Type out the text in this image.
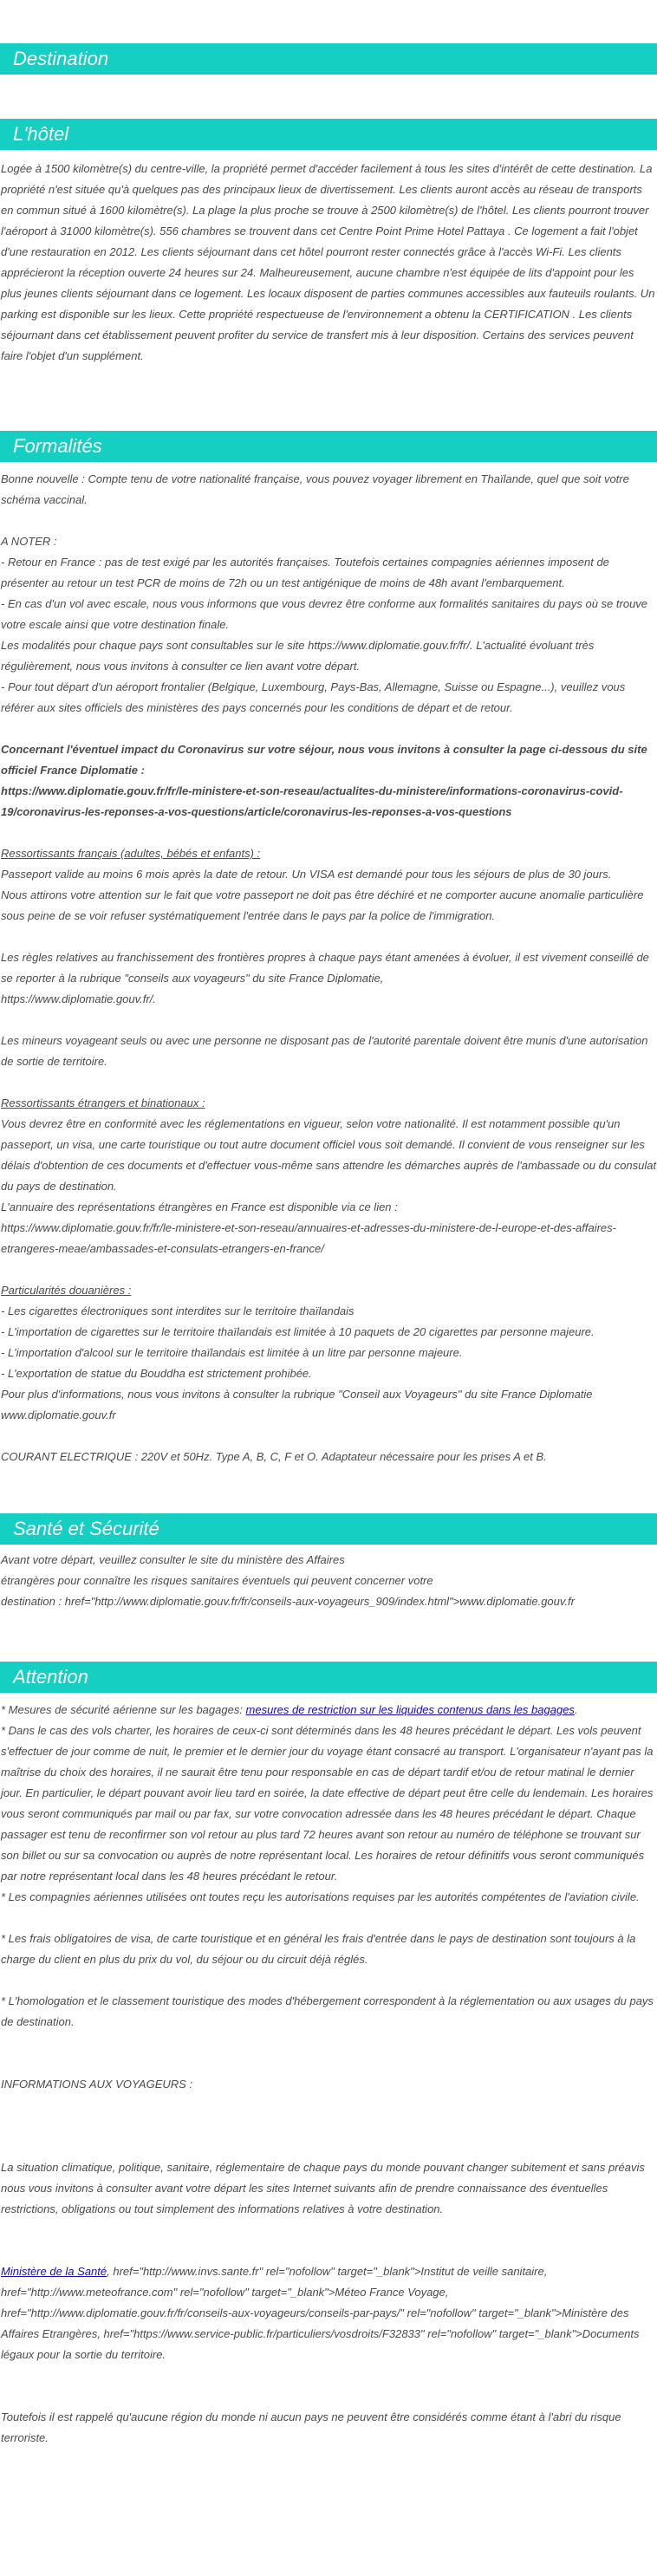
Destination
L'hôtel
Logée à 1500 kilomètre(s) du centre-ville, la propriété permet d'accéder facilement à tous les sites d'intérêt de cette destination. La propriété n'est située qu'à quelques pas des principaux lieux de divertissement. Les clients auront accès au réseau de transports en commun situé à 1600 kilomètre(s). La plage la plus proche se trouve à 2500 kilomètre(s) de l'hôtel. Les clients pourront trouver l'aéroport à 31000 kilomètre(s). 556 chambres se trouvent dans cet Centre Point Prime Hotel Pattaya . Ce logement a fait l'objet d'une restauration en 2012. Les clients séjournant dans cet hôtel pourront rester connectés grâce à l'accès Wi-Fi. Les clients apprécieront la réception ouverte 24 heures sur 24. Malheureusement, aucune chambre n'est équipée de lits d'appoint pour les plus jeunes clients séjournant dans ce logement. Les locaux disposent de parties communes accessibles aux fauteuils roulants. Un parking est disponible sur les lieux. Cette propriété respectueuse de l'environnement a obtenu la CERTIFICATION . Les clients séjournant dans cet établissement peuvent profiter du service de transfert mis à leur disposition. Certains des services peuvent faire l'objet d'un supplément.
Formalités
Bonne nouvelle : Compte tenu de votre nationalité française, vous pouvez voyager librement en Thaïlande, quel que soit votre schéma vaccinal.
A NOTER :
- Retour en France : pas de test exigé par les autorités françaises. Toutefois certaines compagnies aériennes imposent de présenter au retour un test PCR de moins de 72h ou un test antigénique de moins de 48h avant l'embarquement.
- En cas d'un vol avec escale, nous vous informons que vous devrez être conforme aux formalités sanitaires du pays où se trouve votre escale ainsi que votre destination finale.
Les modalités pour chaque pays sont consultables sur le site https://www.diplomatie.gouv.fr/fr/. L'actualité évoluant très régulièrement, nous vous invitons à consulter ce lien avant votre départ.
- Pour tout départ d'un aéroport frontalier (Belgique, Luxembourg, Pays-Bas, Allemagne, Suisse ou Espagne...), veuillez vous référer aux sites officiels des ministères des pays concernés pour les conditions de départ et de retour.
Concernant l'éventuel impact du Coronavirus sur votre séjour, nous vous invitons à consulter la page ci-dessous du site officiel France Diplomatie :
https://www.diplomatie.gouv.fr/fr/le-ministere-et-son-reseau/actualites-du-ministere/informations-coronavirus-covid-19/coronavirus-les-reponses-a-vos-questions/article/coronavirus-les-reponses-a-vos-questions
Ressortissants français (adultes, bébés et enfants) :
Passeport valide au moins 6 mois après la date de retour. Un VISA est demandé pour tous les séjours de plus de 30 jours.
Nous attirons votre attention sur le fait que votre passeport ne doit pas être déchiré et ne comporter aucune anomalie particulière sous peine de se voir refuser systématiquement l'entrée dans le pays par la police de l'immigration.
Les règles relatives au franchissement des frontières propres à chaque pays étant amenées à évoluer, il est vivement conseillé de se reporter à la rubrique "conseils aux voyageurs" du site France Diplomatie,
https://www.diplomatie.gouv.fr/.
Les mineurs voyageant seuls ou avec une personne ne disposant pas de l'autorité parentale doivent être munis d'une autorisation de sortie de territoire.
Ressortissants étrangers et binationaux :
Vous devrez être en conformité avec les réglementations en vigueur, selon votre nationalité. Il est notamment possible qu'un passeport, un visa, une carte touristique ou tout autre document officiel vous soit demandé. Il convient de vous renseigner sur les délais d'obtention de ces documents et d'effectuer vous-même sans attendre les démarches auprès de l'ambassade ou du consulat du pays de destination.
L'annuaire des représentations étrangères en France est disponible via ce lien :
https://www.diplomatie.gouv.fr/fr/le-ministere-et-son-reseau/annuaires-et-adresses-du-ministere-de-l-europe-et-des-affaires-etrangeres-meae/ambassades-et-consulats-etrangers-en-france/
Particularités douanières :
- Les cigarettes électroniques sont interdites sur le territoire thaïlandais
- L'importation de cigarettes sur le territoire thaïlandais est limitée à 10 paquets de 20 cigarettes par personne majeure.
- L'importation d'alcool sur le territoire thaïlandais est limitée à un litre par personne majeure.
- L'exportation de statue du Bouddha est strictement prohibée.
Pour plus d'informations, nous vous invitons à consulter la rubrique "Conseil aux Voyageurs" du site France Diplomatie
www.diplomatie.gouv.fr
COURANT ELECTRIQUE : 220V et 50Hz. Type A, B, C, F et O. Adaptateur nécessaire pour les prises A et B.
Santé et Sécurité
Avant votre départ, veuillez consulter le site du ministère des Affaires
étrangères pour connaître les risques sanitaires éventuels qui peuvent concerner votre
destination : href="http://www.diplomatie.gouv.fr/fr/conseils-aux-voyageurs_909/index.html">www.diplomatie.gouv.fr
Attention
* Mesures de sécurité aérienne sur les bagages: mesures de restriction sur les liquides contenus dans les bagages.
* Dans le cas des vols charter, les horaires de ceux-ci sont déterminés dans les 48 heures précédant le départ. Les vols peuvent s'effectuer de jour comme de nuit, le premier et le dernier jour du voyage étant consacré au transport. L'organisateur n'ayant pas la maîtrise du choix des horaires, il ne saurait être tenu pour responsable en cas de départ tardif et/ou de retour matinal le dernier jour. En particulier, le départ pouvant avoir lieu tard en soirée, la date effective de départ peut être celle du lendemain. Les horaires vous seront communiqués par mail ou par fax, sur votre convocation adressée dans les 48 heures précédant le départ. Chaque passager est tenu de reconfirmer son vol retour au plus tard 72 heures avant son retour au numéro de téléphone se trouvant sur son billet ou sur sa convocation ou auprès de notre représentant local. Les horaires de retour définitifs vous seront communiqués par notre représentant local dans les 48 heures précédant le retour.
* Les compagnies aériennes utilisées ont toutes reçu les autorisations requises par les autorités compétentes de l'aviation civile.
* Les frais obligatoires de visa, de carte touristique et en général les frais d'entrée dans le pays de destination sont toujours à la charge du client en plus du prix du vol, du séjour ou du circuit déjà réglés.
* L'homologation et le classement touristique des modes d'hébergement correspondent à la réglementation ou aux usages du pays de destination.
INFORMATIONS AUX VOYAGEURS :
La situation climatique, politique, sanitaire, réglementaire de chaque pays du monde pouvant changer subitement et sans préavis
nous vous invitons à consulter avant votre départ les sites Internet suivants afin de prendre connaissance des éventuelles restrictions, obligations ou tout simplement des informations relatives à votre destination.
Ministère de la Santé, href="http://www.invs.sante.fr" rel="nofollow" target="_blank">Institut de veille sanitaire, href="http://www.meteofrance.com" rel="nofollow" target="_blank">Méteo France Voyage, href="http://www.diplomatie.gouv.fr/fr/conseils-aux-voyageurs/conseils-par-pays/" rel="nofollow" target="_blank">Ministère des Affaires Etrangères, href="https://www.service-public.fr/particuliers/vosdroits/F32833" rel="nofollow" target="_blank">Documents légaux pour la sortie du territoire.
Toutefois il est rappelé qu'aucune région du monde ni aucun pays ne peuvent être considérés comme étant à l'abri du risque terroriste.
